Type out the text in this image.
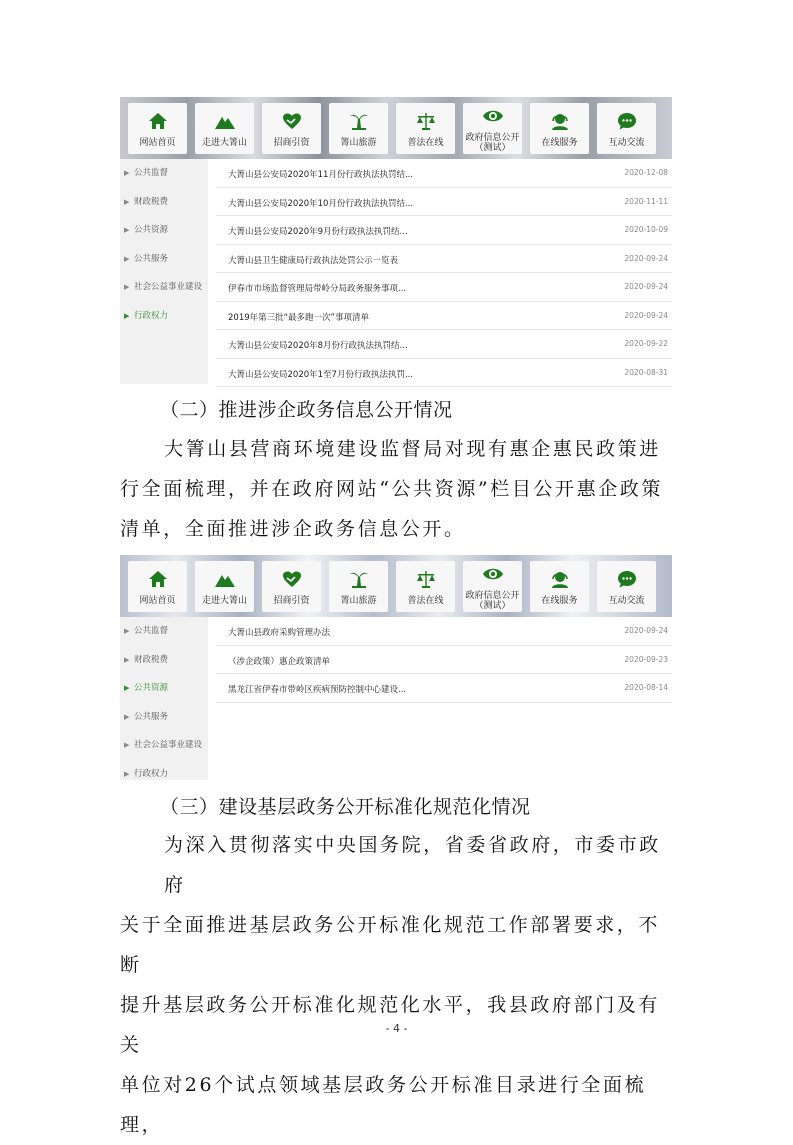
网站首页	走进大箐山	招商引资	箐山旅游	普法在线 政府信息公开
（测试）	在线服务	互动交流
▶ 公共监督
▶ 财政税费
▶ 公共资源
▶ 公共服务
▶ 社会公益事业建设
▶ 行政权力
大箐山县公安局2020年11月份行政执法执罚结...	2020-12-08
大箐山县公安局2020年10月份行政执法执罚结...	2020-11-11
大箐山县公安局2020年9月份行政执法执罚结...	2020-10-09
大箐山县卫生健康局行政执法处罚公示一览表	2020-09-24
伊春市市场监督管理局带岭分局政务服务事项...	2020-09-24
2019年第三批“最多跑一次”事项清单	2020-09-24
大箐山县公安局2020年8月份行政执法执罚结...	2020-09-22
大箐山县公安局2020年1至7月份行政执法执罚...	2020-08-31
（二）推进涉企政务信息公开情况
大箐山县营商环境建设监督局对现有惠企惠民政策进
行全面梳理，并在政府网站“公共资源”栏目公开惠企政策
清单，全面推进涉企政务信息公开。
网站首页	走进大箐山	招商引资	箐山旅游	普法在线 政府信息公开
（测试）	在线服务	互动交流
▶ 公共监督
▶ 财政税费
▶ 公共资源
▶ 公共服务
▶ 社会公益事业建设
▶ 行政权力
大箐山县政府采购管理办法	2020-09-24
（涉企政策）惠企政策清单	2020-09-23
黑龙江省伊春市带岭区疾病预防控制中心建设...	2020-08-14
（三）建设基层政务公开标准化规范化情况
为深入贯彻落实中央国务院，省委省政府，市委市政府
关于全面推进基层政务公开标准化规范工作部署要求，不断
提升基层政务公开标准化规范化水平，我县政府部门及有关
单位对26个试点领域基层政务公开标准目录进行全面梳理，
- 4 -
